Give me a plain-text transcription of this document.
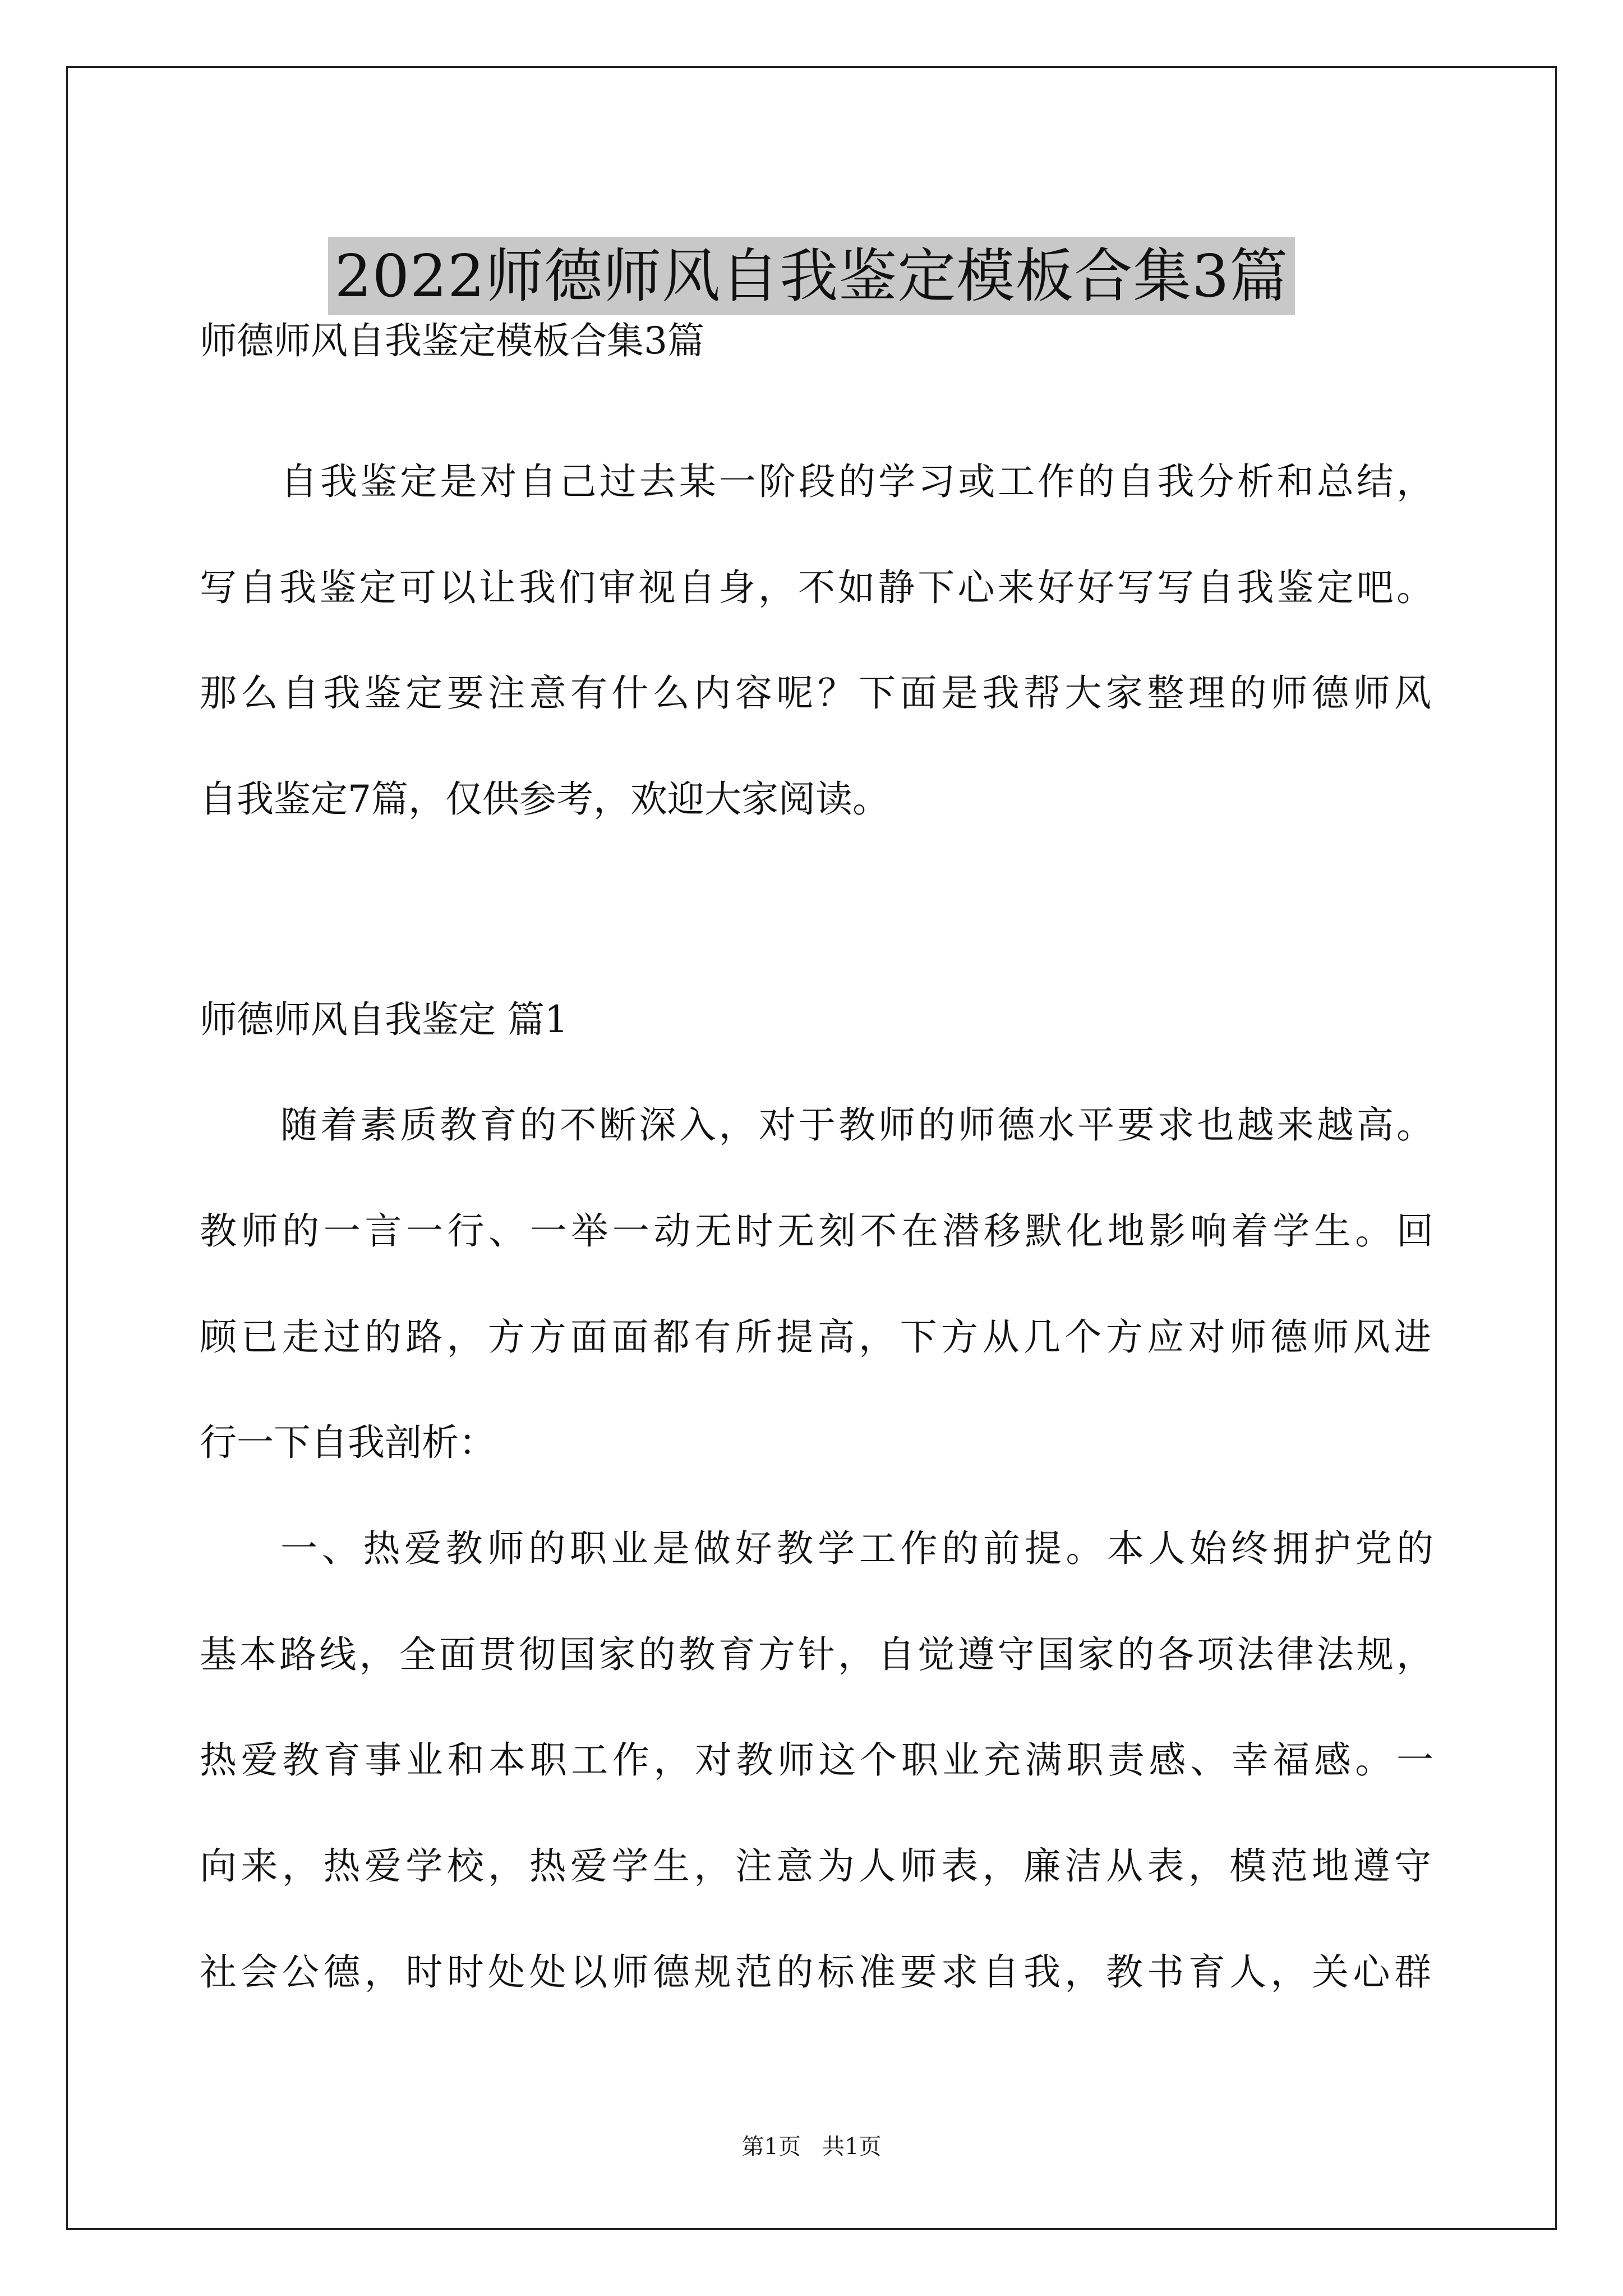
2022师德师风自我鉴定模板合集3篇
师德师风自我鉴定模板合集3篇
自我鉴定是对自己过去某一阶段的学习或工作的自我分析和总结，
写自我鉴定可以让我们审视自身，不如静下心来好好写写自我鉴定吧。
那么自我鉴定要注意有什么内容呢？下面是我帮大家整理的师德师风
自我鉴定7篇，仅供参考，欢迎大家阅读。
师德师风自我鉴定 篇1
随着素质教育的不断深入，对于教师的师德水平要求也越来越高。
教师的一言一行、一举一动无时无刻不在潜移默化地影响着学生。回
顾已走过的路，方方面面都有所提高，下方从几个方应对师德师风进
行一下自我剖析：
一、热爱教师的职业是做好教学工作的前提。本人始终拥护党的
基本路线，全面贯彻国家的教育方针，自觉遵守国家的各项法律法规，
热爱教育事业和本职工作，对教师这个职业充满职责感、幸福感。一
向来，热爱学校，热爱学生，注意为人师表，廉洁从表，模范地遵守
社会公德，时时处处以师德规范的标准要求自我，教书育人，关心群
第1页   共1页
